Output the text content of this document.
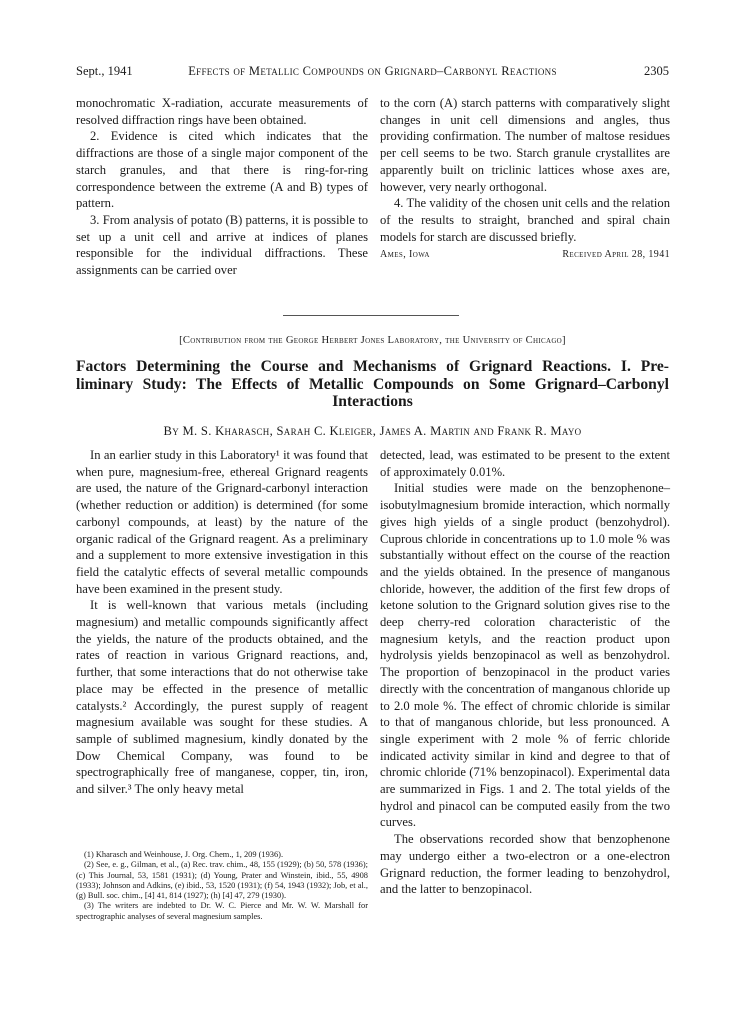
Sept., 1941	Effects of Metallic Compounds on Grignard–Carbonyl Reactions	2305

monochromatic X-radiation, accurate measurements of resolved diffraction rings have been obtained.

2. Evidence is cited which indicates that the diffractions are those of a single major component of the starch granules, and that there is ring-for-ring correspondence between the extreme (A and B) types of pattern.

3. From analysis of potato (B) patterns, it is possible to set up a unit cell and arrive at indices of planes responsible for the individual diffractions. These assignments can be carried over

to the corn (A) starch patterns with comparatively slight changes in unit cell dimensions and angles, thus providing confirmation. The number of maltose residues per cell seems to be two. Starch granule crystallites are apparently built on triclinic lattices whose axes are, however, very nearly orthogonal.

4. The validity of the chosen unit cells and the relation of the results to straight, branched and spiral chain models for starch are discussed briefly.

Ames, Iowa	Received April 28, 1941
[Contribution from the George Herbert Jones Laboratory, the University of Chicago]
Factors Determining the Course and Mechanisms of Grignard Reactions. I. Pre-
liminary Study: The Effects of Metallic Compounds on Some Grignard–Carbonyl
Interactions
By M. S. Kharasch, Sarah C. Kleiger, James A. Martin and Frank R. Mayo

In an earlier study in this Laboratory¹ it was found that when pure, magnesium-free, ethereal Grignard reagents are used, the nature of the Grignard-carbonyl interaction (whether reduction or addition) is determined (for some carbonyl compounds, at least) by the nature of the organic radical of the Grignard reagent. As a preliminary and a supplement to more extensive investigation in this field the catalytic effects of several metallic compounds have been examined in the present study.

It is well-known that various metals (including magnesium) and metallic compounds significantly affect the yields, the nature of the products obtained, and the rates of reaction in various Grignard reactions, and, further, that some interactions that do not otherwise take place may be effected in the presence of metallic catalysts.² Accordingly, the purest supply of reagent magnesium available was sought for these studies. A sample of sublimed magnesium, kindly donated by the Dow Chemical Company, was found to be spectrographically free of manganese, copper, tin, iron, and silver.³ The only heavy metal

(1) Kharasch and Weinhouse, J. Org. Chem., 1, 209 (1936).

(2) See, e. g., Gilman, et al., (a) Rec. trav. chim., 48, 155 (1929); (b) 50, 578 (1936); (c) This Journal, 53, 1581 (1931); (d) Young, Prater and Winstein, ibid., 55, 4908 (1933); Johnson and Adkins, (e) ibid., 53, 1520 (1931); (f) 54, 1943 (1932); Job, et al., (g) Bull. soc. chim., [4] 41, 814 (1927); (h) [4] 47, 279 (1930).

(3) The writers are indebted to Dr. W. C. Pierce and Mr. W. W. Marshall for spectrographic analyses of several magnesium samples.

detected, lead, was estimated to be present to the extent of approximately 0.01%.

Initial studies were made on the benzophenone–isobutylmagnesium bromide interaction, which normally gives high yields of a single product (benzohydrol). Cuprous chloride in concentrations up to 1.0 mole % was substantially without effect on the course of the reaction and the yields obtained. In the presence of manganous chloride, however, the addition of the first few drops of ketone solution to the Grignard solution gives rise to the deep cherry-red coloration characteristic of the magnesium ketyls, and the reaction product upon hydrolysis yields benzopinacol as well as benzohydrol. The proportion of benzopinacol in the product varies directly with the concentration of manganous chloride up to 2.0 mole %. The effect of chromic chloride is similar to that of manganous chloride, but less pronounced. A single experiment with 2 mole % of ferric chloride indicated activity similar in kind and degree to that of chromic chloride (71% benzopinacol). Experimental data are summarized in Figs. 1 and 2. The total yields of the hydrol and pinacol can be computed easily from the two curves.

The observations recorded show that benzophenone may undergo either a two-electron or a one-electron Grignard reduction, the former leading to benzohydrol, and the latter to benzopinacol.
